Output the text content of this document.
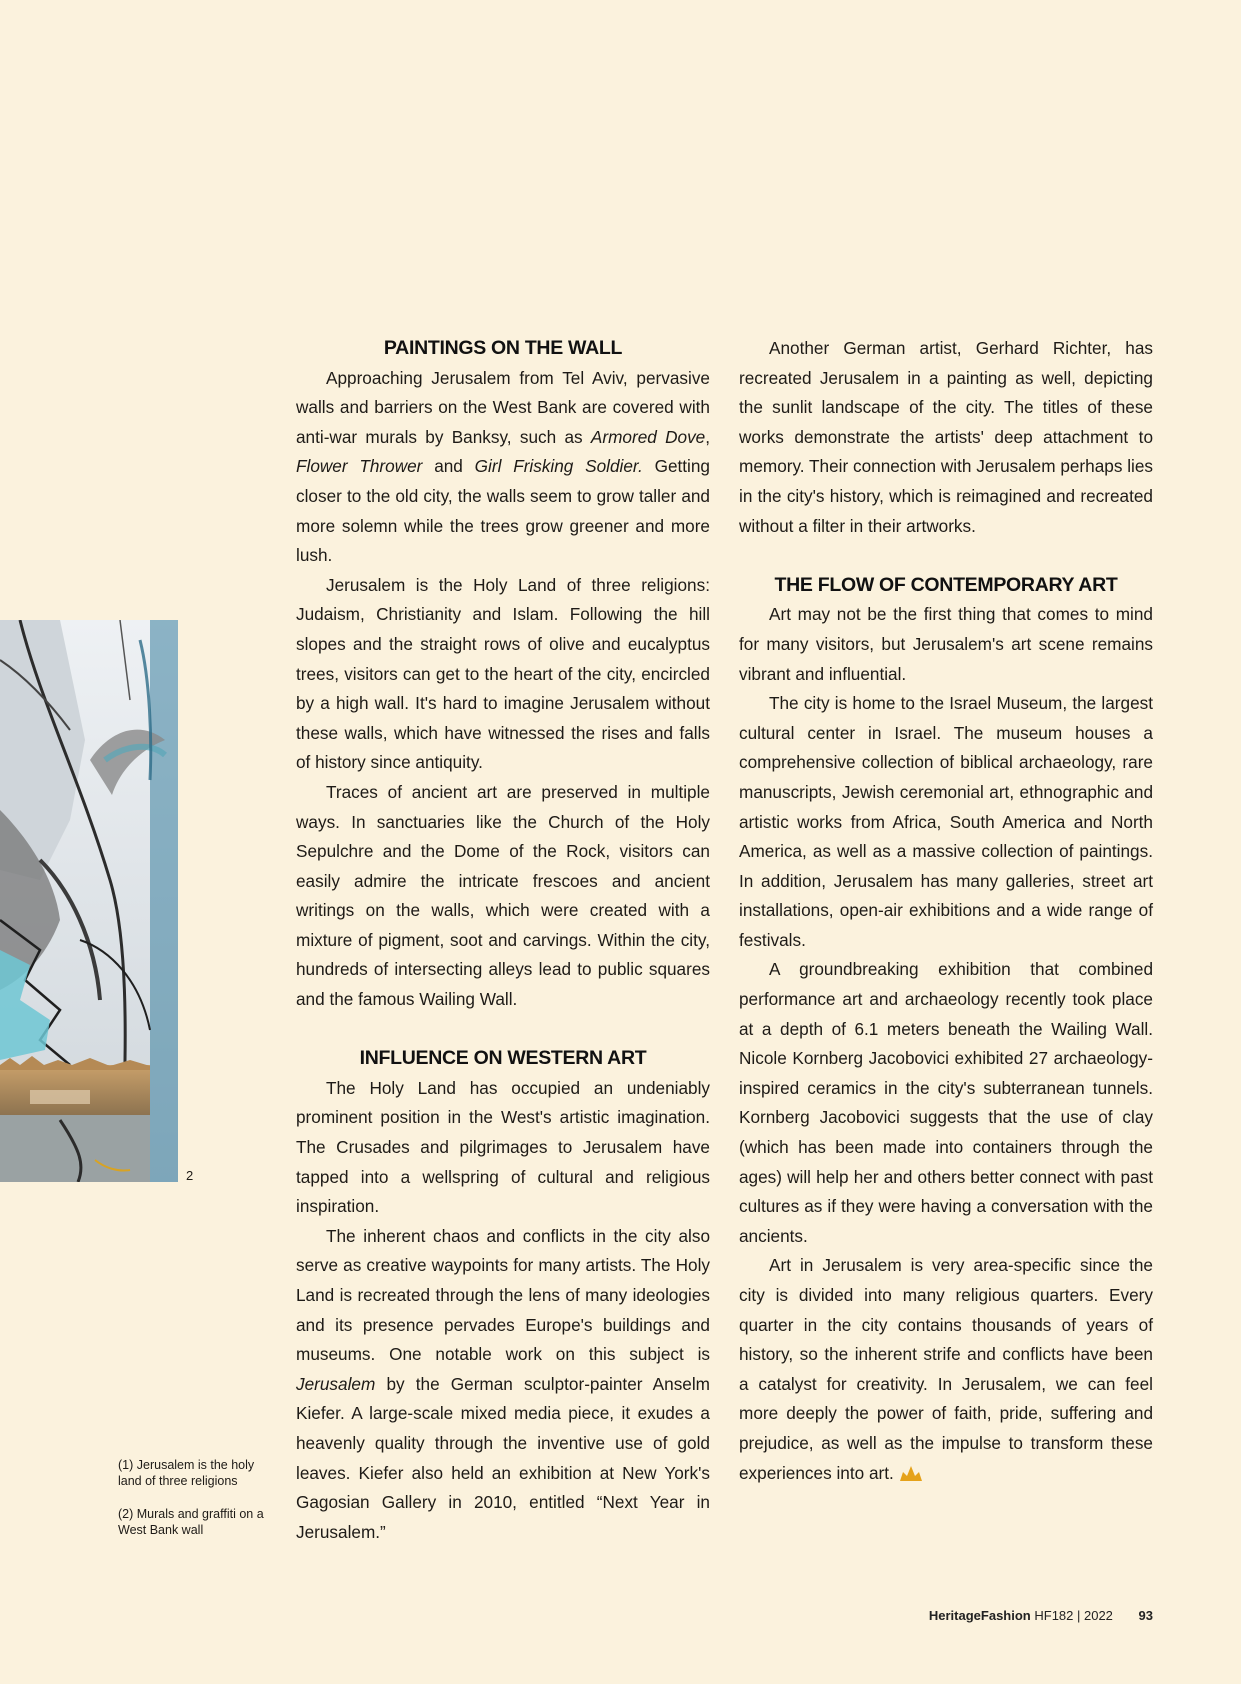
2
(1) Jerusalem is the holy land of three religions
(2) Murals and graffiti on a West Bank wall
PAINTINGS ON THE WALL

Approaching Jerusalem from Tel Aviv, pervasive walls and barriers on the West Bank are covered with anti-war murals by Banksy, such as Armored Dove, Flower Thrower and Girl Frisking Soldier. Getting closer to the old city, the walls seem to grow taller and more solemn while the trees grow greener and more lush.

Jerusalem is the Holy Land of three religions: Judaism, Christianity and Islam. Following the hill slopes and the straight rows of olive and eucalyptus trees, visitors can get to the heart of the city, encircled by a high wall. It's hard to imagine Jerusalem without these walls, which have witnessed the rises and falls of history since antiquity.

Traces of ancient art are preserved in multiple ways. In sanctuaries like the Church of the Holy Sepulchre and the Dome of the Rock, visitors can easily admire the intricate frescoes and ancient writings on the walls, which were created with a mixture of pigment, soot and carvings. Within the city, hundreds of intersecting alleys lead to public squares and the famous Wailing Wall.

INFLUENCE ON WESTERN ART

The Holy Land has occupied an undeniably prominent position in the West's artistic imagination. The Crusades and pilgrimages to Jerusalem have tapped into a wellspring of cultural and religious inspiration.

The inherent chaos and conflicts in the city also serve as creative waypoints for many artists. The Holy Land is recreated through the lens of many ideologies and its presence pervades Europe's buildings and museums. One notable work on this subject is Jerusalem by the German sculptor-painter Anselm Kiefer. A large-scale mixed media piece, it exudes a heavenly quality through the inventive use of gold leaves. Kiefer also held an exhibition at New York's Gagosian Gallery in 2010, entitled “Next Year in Jerusalem.”

Another German artist, Gerhard Richter, has recreated Jerusalem in a painting as well, depicting the sunlit landscape of the city. The titles of these works demonstrate the artists' deep attachment to memory. Their connection with Jerusalem perhaps lies in the city's history, which is reimagined and recreated without a filter in their artworks.

THE FLOW OF CONTEMPORARY ART

Art may not be the first thing that comes to mind for many visitors, but Jerusalem's art scene remains vibrant and influential.

The city is home to the Israel Museum, the largest cultural center in Israel. The museum houses a comprehensive collection of biblical archaeology, rare manuscripts, Jewish ceremonial art, ethnographic and artistic works from Africa, South America and North America, as well as a massive collection of paintings. In addition, Jerusalem has many galleries, street art installations, open-air exhibitions and a wide range of festivals.

A groundbreaking exhibition that combined performance art and archaeology recently took place at a depth of 6.1 meters beneath the Wailing Wall. Nicole Kornberg Jacobovici exhibited 27 archaeology-inspired ceramics in the city's subterranean tunnels. Kornberg Jacobovici suggests that the use of clay (which has been made into containers through the ages) will help her and others better connect with past cultures as if they were having a conversation with the ancients.

Art in Jerusalem is very area-specific since the city is divided into many religious quarters. Every quarter in the city contains thousands of years of history, so the inherent strife and conflicts have been a catalyst for creativity. In Jerusalem, we can feel more deeply the power of faith, pride, suffering and prejudice, as well as the impulse to transform these experiences into art.

HeritageFashion HF182 | 2022 93
